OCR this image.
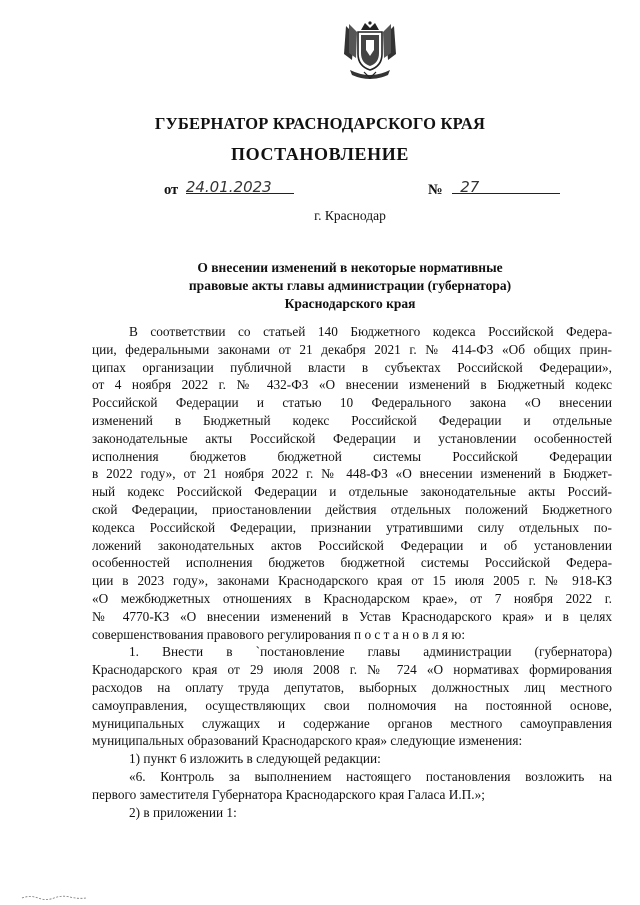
ГУБЕРНАТОР КРАСНОДАРСКОГО КРАЯ
ПОСТАНОВЛЕНИЕ
от 24.01.2023	№ 27
г. Краснодар
О внесении изменений в некоторые нормативные
правовые акты главы администрации (губернатора)
Краснодарского края
В соответствии со статьей 140 Бюджетного кодекса Российской Федера-
ции, федеральными законами от 21 декабря 2021 г. № 414-ФЗ «Об общих прин-
ципах организации публичной власти в субъектах Российской Федерации»,
от 4 ноября 2022 г. № 432-ФЗ «О внесении изменений в Бюджетный кодекс
Российской Федерации и статью 10 Федерального закона «О внесении
изменений в Бюджетный кодекс Российской Федерации и отдельные
законодательные акты Российской Федерации и установлении особенностей
исполнения бюджетов бюджетной системы Российской Федерации
в 2022 году», от 21 ноября 2022 г. № 448-ФЗ «О внесении изменений в Бюджет-
ный кодекс Российской Федерации и отдельные законодательные акты Россий-
ской Федерации, приостановлении действия отдельных положений Бюджетного
кодекса Российской Федерации, признании утратившими силу отдельных по-
ложений законодательных актов Российской Федерации и об установлении
особенностей исполнения бюджетов бюджетной системы Российской Федера-
ции в 2023 году», законами Краснодарского края от 15 июля 2005 г. № 918-КЗ
«О межбюджетных отношениях в Краснодарском крае», от 7 ноября 2022 г.
№ 4770-КЗ «О внесении изменений в Устав Краснодарского края» и в целях
совершенствования правового регулирования п о с т а н о в л я ю:
1. Внести в `постановление главы администрации (губернатора)
Краснодарского края от 29 июля 2008 г. № 724 «О нормативах формирования
расходов на оплату труда депутатов, выборных должностных лиц местного
самоуправления, осуществляющих свои полномочия на постоянной основе,
муниципальных служащих и содержание органов местного самоуправления
муниципальных образований Краснодарского края» следующие изменения:
1) пункт 6 изложить в следующей редакции:
«6. Контроль за выполнением настоящего постановления возложить на
первого заместителя Губернатора Краснодарского края Галаса И.П.»;
2) в приложении 1:
